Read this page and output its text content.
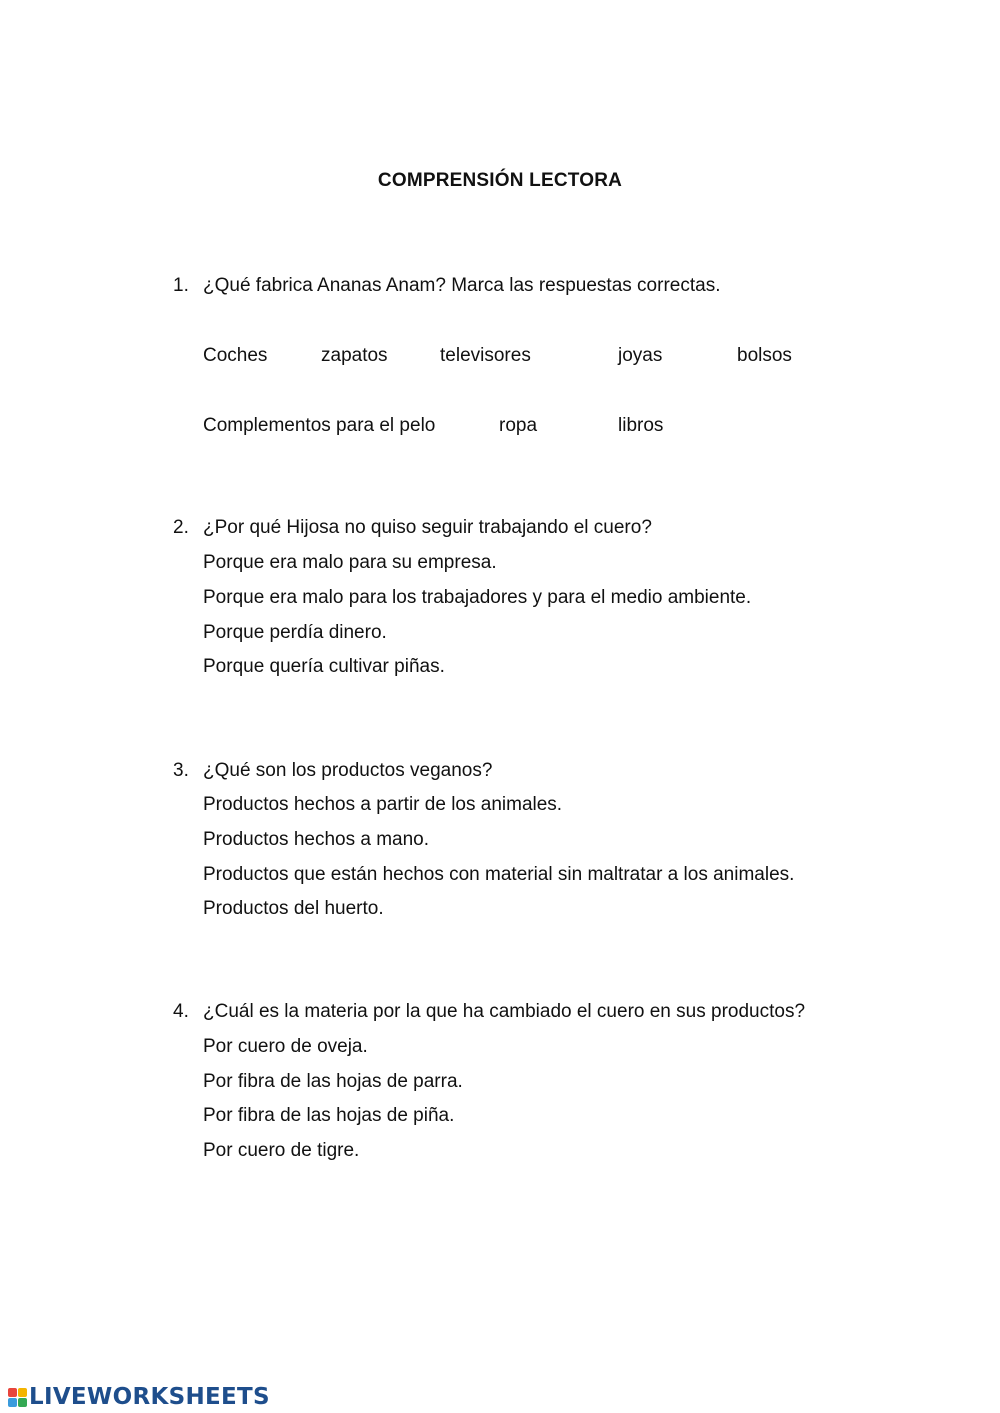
COMPRENSIÓN LECTORA
1. ¿Qué fabrica Ananas Anam? Marca las respuestas correctas.
Coches	zapatos	televisores	joyas	bolsos
Complementos para el pelo	ropa	libros
2. ¿Por qué Hijosa no quiso seguir trabajando el cuero?
Porque era malo para su empresa.
Porque era malo para los trabajadores y para el medio ambiente.
Porque perdía dinero.
Porque quería cultivar piñas.
3. ¿Qué son los productos veganos?
Productos hechos a partir de los animales.
Productos hechos a mano.
Productos que están hechos con material sin maltratar a los animales.
Productos del huerto.
4. ¿Cuál es la materia por la que ha cambiado el cuero en sus productos?
Por cuero de oveja.
Por fibra de las hojas de parra.
Por fibra de las hojas de piña.
Por cuero de tigre.
LIVEWORKSHEETS
